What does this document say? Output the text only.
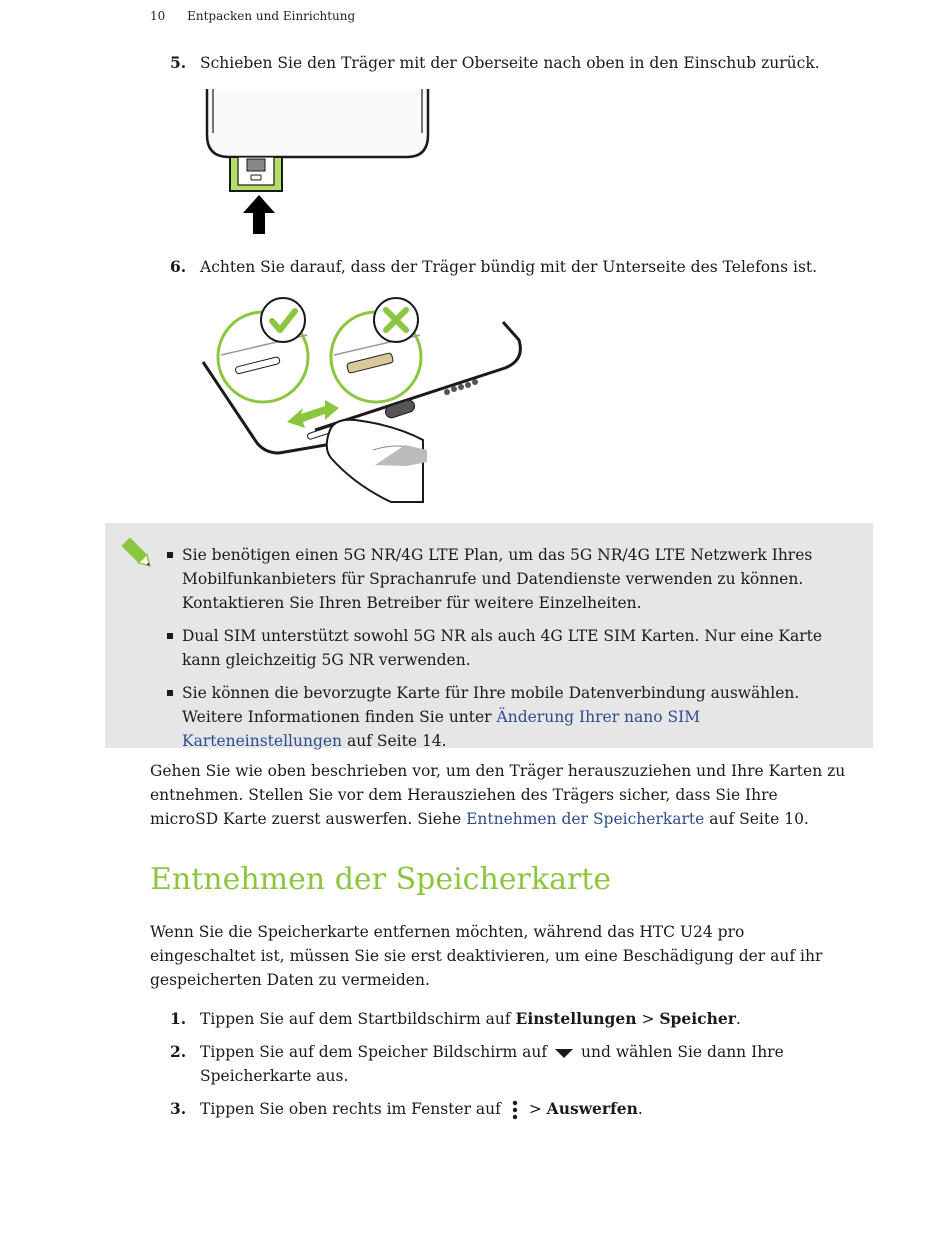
10 Entpacken und Einrichtung
5. Schieben Sie den Träger mit der Oberseite nach oben in den Einschub zurück.
6. Achten Sie darauf, dass der Träger bündig mit der Unterseite des Telefons ist.
Sie benötigen einen 5G NR/4G LTE Plan, um das 5G NR/4G LTE Netzwerk Ihres Mobilfunkanbieters für Sprachanrufe und Datendienste verwenden zu können. Kontaktieren Sie Ihren Betreiber für weitere Einzelheiten.
Dual SIM unterstützt sowohl 5G NR als auch 4G LTE SIM Karten. Nur eine Karte kann gleichzeitig 5G NR verwenden.
Sie können die bevorzugte Karte für Ihre mobile Datenverbindung auswählen. Weitere Informationen finden Sie unter Änderung Ihrer nano SIM Karteneinstellungen auf Seite 14.
Gehen Sie wie oben beschrieben vor, um den Träger herauszuziehen und Ihre Karten zu entnehmen. Stellen Sie vor dem Herausziehen des Trägers sicher, dass Sie Ihre microSD Karte zuerst auswerfen. Siehe Entnehmen der Speicherkarte auf Seite 10.
Entnehmen der Speicherkarte
Wenn Sie die Speicherkarte entfernen möchten, während das HTC U24 pro eingeschaltet ist, müssen Sie sie erst deaktivieren, um eine Beschädigung der auf ihr gespeicherten Daten zu vermeiden.
1. Tippen Sie auf dem Startbildschirm auf Einstellungen > Speicher.
2. Tippen Sie auf dem Speicher Bildschirm auf  und wählen Sie dann Ihre Speicherkarte aus.
3. Tippen Sie oben rechts im Fenster auf  > Auswerfen.
